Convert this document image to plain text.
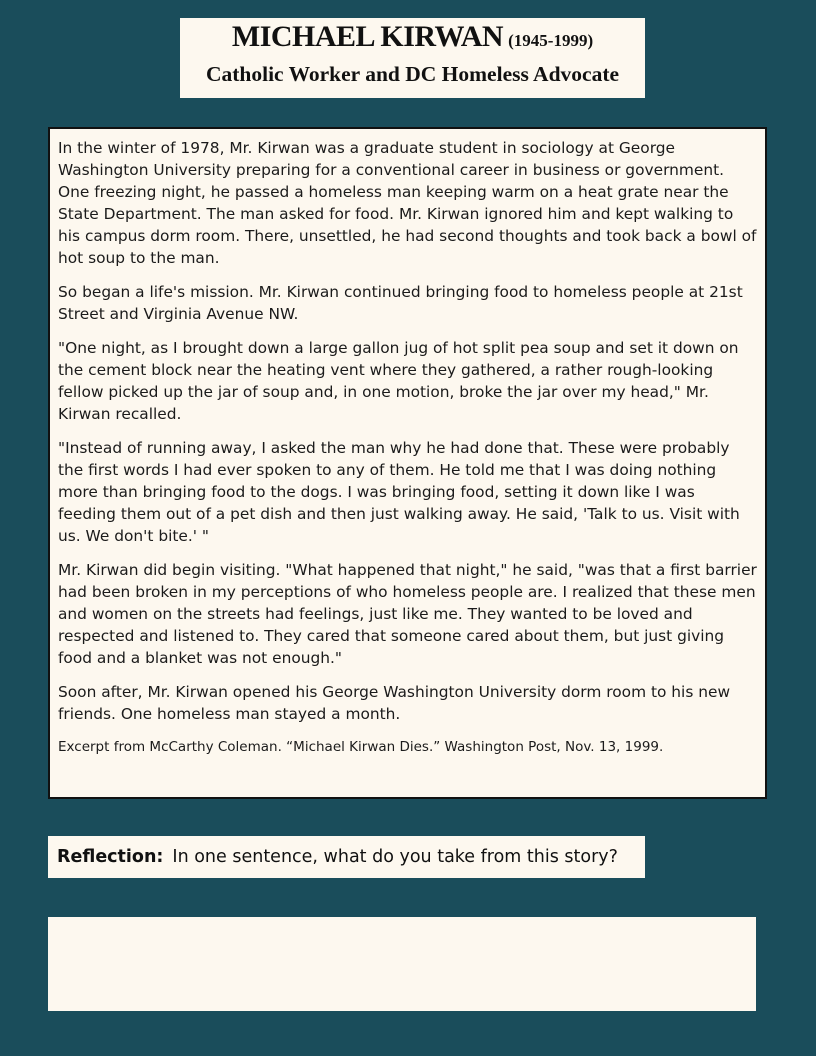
MICHAEL KIRWAN (1945-1999)
Catholic Worker and DC Homeless Advocate

In the winter of 1978, Mr. Kirwan was a graduate student in sociology at George Washington University preparing for a conventional career in business or government. One freezing night, he passed a homeless man keeping warm on a heat grate near the State Department. The man asked for food. Mr. Kirwan ignored him and kept walking to his campus dorm room. There, unsettled, he had second thoughts and took back a bowl of hot soup to the man.

So began a life's mission. Mr. Kirwan continued bringing food to homeless people at 21st Street and Virginia Avenue NW.

"One night, as I brought down a large gallon jug of hot split pea soup and set it down on the cement block near the heating vent where they gathered, a rather rough-looking fellow picked up the jar of soup and, in one motion, broke the jar over my head," Mr. Kirwan recalled.

"Instead of running away, I asked the man why he had done that. These were probably the first words I had ever spoken to any of them. He told me that I was doing nothing more than bringing food to the dogs. I was bringing food, setting it down like I was feeding them out of a pet dish and then just walking away. He said, 'Talk to us. Visit with us. We don't bite.' "

Mr. Kirwan did begin visiting. "What happened that night," he said, "was that a first barrier had been broken in my perceptions of who homeless people are. I realized that these men and women on the streets had feelings, just like me. They wanted to be loved and respected and listened to. They cared that someone cared about them, but just giving food and a blanket was not enough."

Soon after, Mr. Kirwan opened his George Washington University dorm room to his new friends. One homeless man stayed a month.

Excerpt from McCarthy Coleman. “Michael Kirwan Dies.” Washington Post, Nov. 13, 1999.

Reflection: In one sentence, what do you take from this story?
